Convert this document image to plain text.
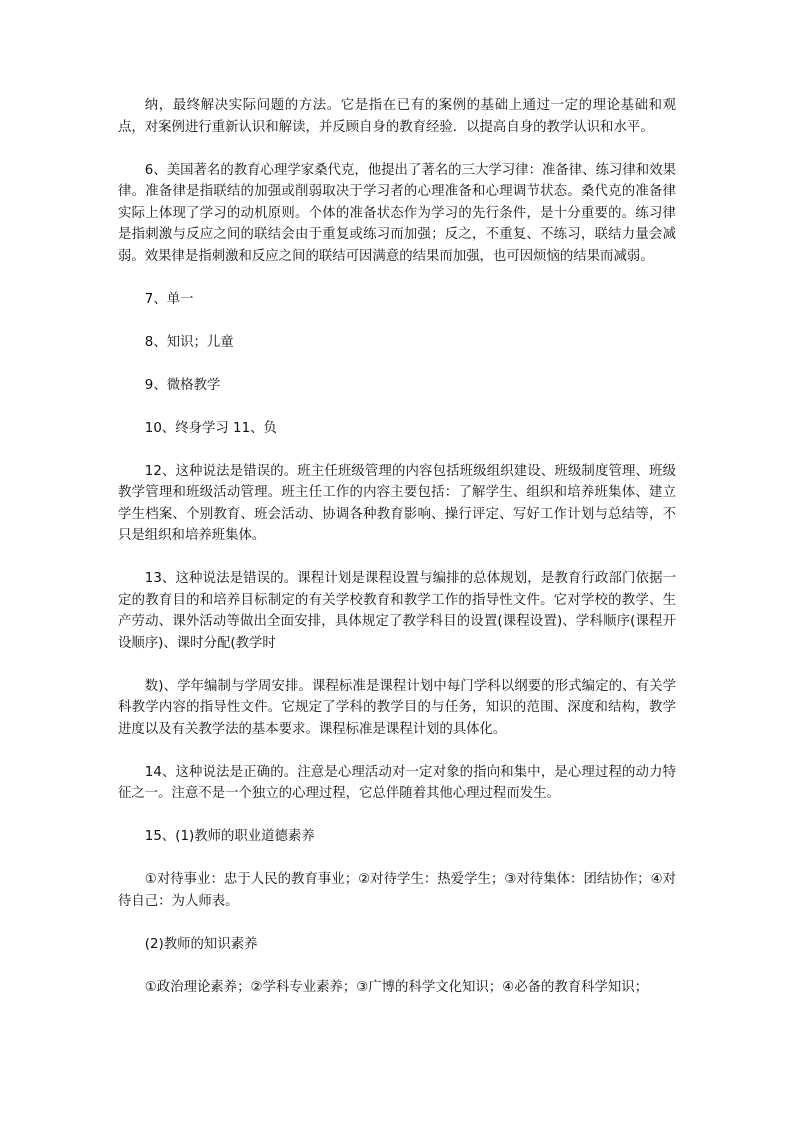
纳，最终解决实际问题的方法。它是指在已有的案例的基础上通过一定的理论基础和观点，对案例进行重新认识和解读，并反顾自身的教育经验．以提高自身的教学认识和水平。

6、美国著名的教育心理学家桑代克，他提出了著名的三大学习律：准备律、练习律和效果律。准备律是指联结的加强或削弱取决于学习者的心理准备和心理调节状态。桑代克的准备律实际上体现了学习的动机原则。个体的准备状态作为学习的先行条件，是十分重要的。练习律是指刺激与反应之间的联结会由于重复或练习而加强；反之，不重复、不练习，联结力量会减弱。效果律是指刺激和反应之间的联结可因满意的结果而加强，也可因烦恼的结果而减弱。

7、单一

8、知识；儿童

9、微格教学

10、终身学习 11、负

12、这种说法是错误的。班主任班级管理的内容包括班级组织建设、班级制度管理、班级教学管理和班级活动管理。班主任工作的内容主要包括：了解学生、组织和培养班集体、建立学生档案、个别教育、班会活动、协调各种教育影响、操行评定、写好工作计划与总结等，不只是组织和培养班集体。

13、这种说法是错误的。课程计划是课程设置与编排的总体规划，是教育行政部门依据一定的教育目的和培养目标制定的有关学校教育和教学工作的指导性文件。它对学校的教学、生产劳动、课外活动等做出全面安排，具体规定了教学科目的设置(课程设置)、学科顺序(课程开设顺序)、课时分配(教学时

数)、学年编制与学周安排。课程标准是课程计划中每门学科以纲要的形式编定的、有关学科教学内容的指导性文件。它规定了学科的教学目的与任务，知识的范围、深度和结构，教学进度以及有关教学法的基本要求。课程标准是课程计划的具体化。

14、这种说法是正确的。注意是心理活动对一定对象的指向和集中，是心理过程的动力特征之一。注意不是一个独立的心理过程，它总伴随着其他心理过程而发生。

15、(1)教师的职业道德素养

①对待事业：忠于人民的教育事业；②对待学生：热爱学生；③对待集体：团结协作；④对待自己：为人师表。

(2)教师的知识素养

①政治理论素养；②学科专业素养；③广博的科学文化知识；④必备的教育科学知识；
